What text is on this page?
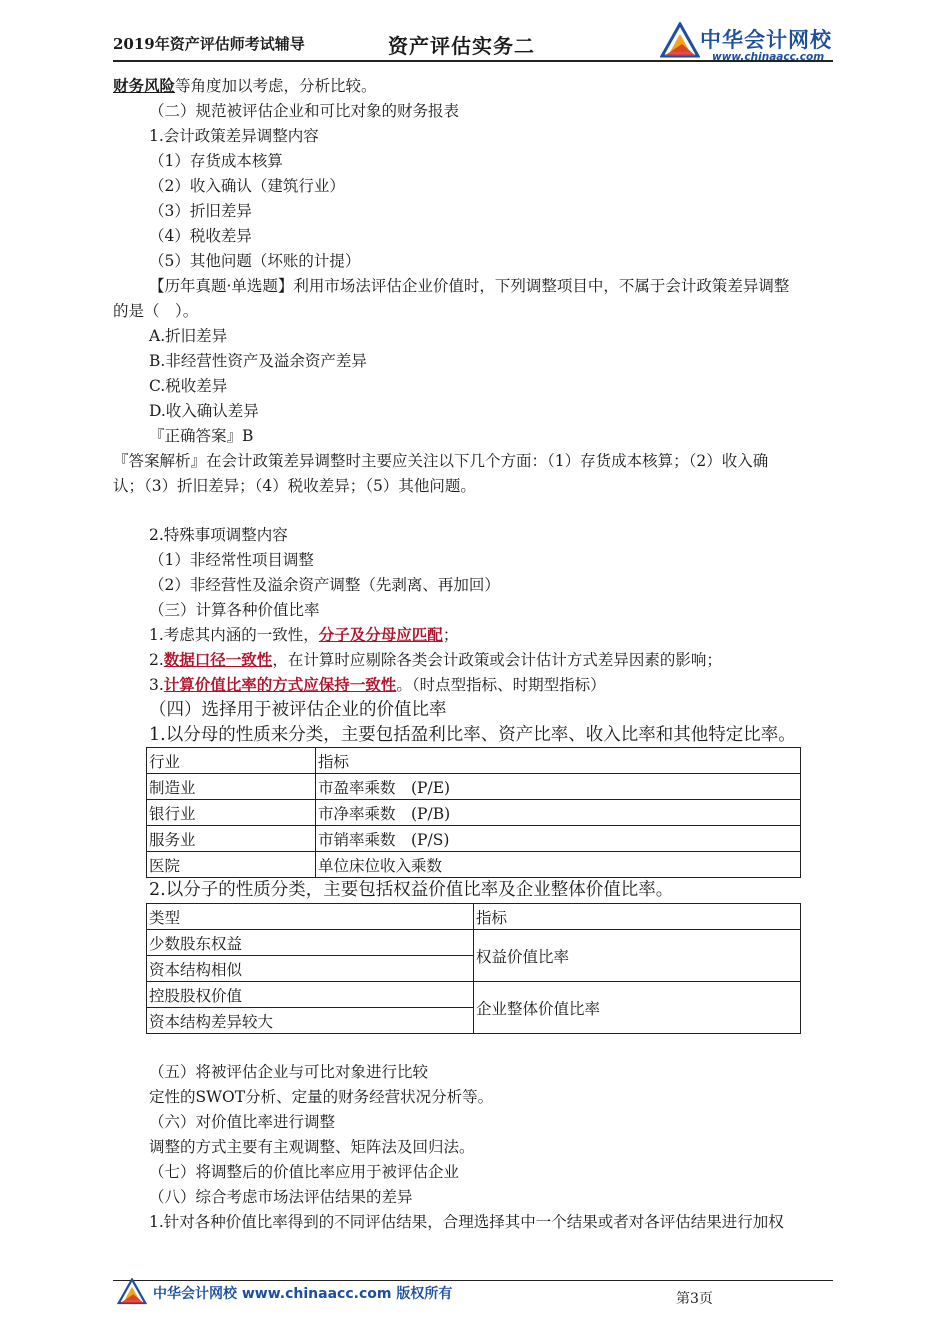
2019年资产评估师考试辅导	资产评估实务二	中华会计网校
www.chinaacc.com
财务风险等角度加以考虑，分析比较。
（二）规范被评估企业和可比对象的财务报表
1.会计政策差异调整内容
（1）存货成本核算
（2）收入确认（建筑行业）
（3）折旧差异
（4）税收差异
（5）其他问题（坏账的计提）
【历年真题·单选题】利用市场法评估企业价值时，下列调整项目中，不属于会计政策差异调整
的是（　）。
A.折旧差异
B.非经营性资产及溢余资产差异
C.税收差异
D.收入确认差异
『正确答案』B
『答案解析』在会计政策差异调整时主要应关注以下几个方面：（1）存货成本核算；（2）收入确
认；（3）折旧差异；（4）税收差异；（5）其他问题。
2.特殊事项调整内容
（1）非经常性项目调整
（2）非经营性及溢余资产调整（先剥离、再加回）
（三）计算各种价值比率
1.考虑其内涵的一致性，分子及分母应匹配；
2.数据口径一致性，在计算时应剔除各类会计政策或会计估计方式差异因素的影响；
3.计算价值比率的方式应保持一致性。（时点型指标、时期型指标）
（四）选择用于被评估企业的价值比率
1.以分母的性质来分类，主要包括盈利比率、资产比率、收入比率和其他特定比率。
行业	指标
制造业	市盈率乘数　(P/E)
银行业	市净率乘数　(P/B)
服务业	市销率乘数　(P/S)
医院	单位床位收入乘数
2.以分子的性质分类，主要包括权益价值比率及企业整体价值比率。
类型	指标
少数股东权益	权益价值比率
资本结构相似	
控股股权价值	企业整体价值比率
资本结构差异较大	
（五）将被评估企业与可比对象进行比较
定性的SWOT分析、定量的财务经营状况分析等。
（六）对价值比率进行调整
调整的方式主要有主观调整、矩阵法及回归法。
（七）将调整后的价值比率应用于被评估企业
（八）综合考虑市场法评估结果的差异
1.针对各种价值比率得到的不同评估结果，合理选择其中一个结果或者对各评估结果进行加权
中华会计网校 www.chinaacc.com 版权所有	第3页
